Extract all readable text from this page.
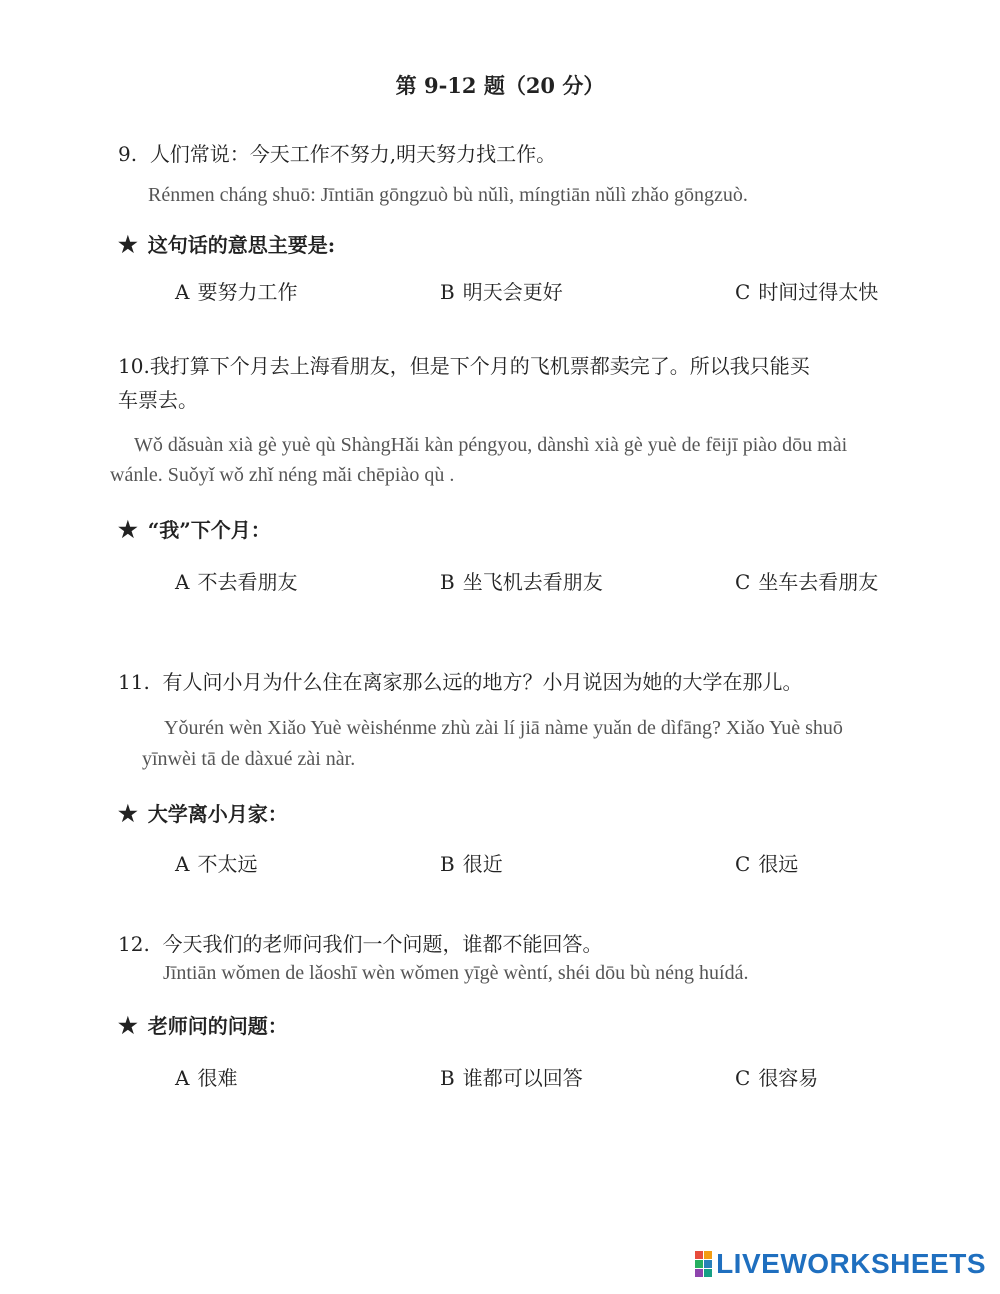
第 9-12 题（20 分）
9. 人们常说：今天工作不努力,明天努力找工作。
Rénmen cháng shuō: Jīntiān gōngzuò bù nǔlì, míngtiān nǔlì zhǎo gōngzuò.
★ 这句话的意思主要是:
A 要努力工作	B 明天会更好	C 时间过得太快
10.我打算下个月去上海看朋友，但是下个月的飞机票都卖完了。所以我只能买
车票去。
Wǒ dǎsuàn xià gè yuè qù ShàngHǎi kàn péngyou, dànshì xià gè yuè de fēijī piào dōu mài
wánle. Suǒyǐ wǒ zhǐ néng mǎi chēpiào qù .
★ “我”下个月：
A 不去看朋友	B 坐飞机去看朋友	C 坐车去看朋友
11. 有人问小月为什么住在离家那么远的地方？小月说因为她的大学在那儿。
Yǒurén wèn Xiǎo Yuè wèishénme zhù zài lí jiā nàme yuǎn de dìfāng? Xiǎo Yuè shuō
yīnwèi tā de dàxué zài nàr.
★ 大学离小月家：
A 不太远	B 很近	C 很远
12. 今天我们的老师问我们一个问题，谁都不能回答。
Jīntiān wǒmen de lǎoshī wèn wǒmen yīgè wèntí, shéi dōu bù néng huídá.
★ 老师问的问题：
A 很难	B 谁都可以回答	C 很容易
LIVEWORKSHEETS
